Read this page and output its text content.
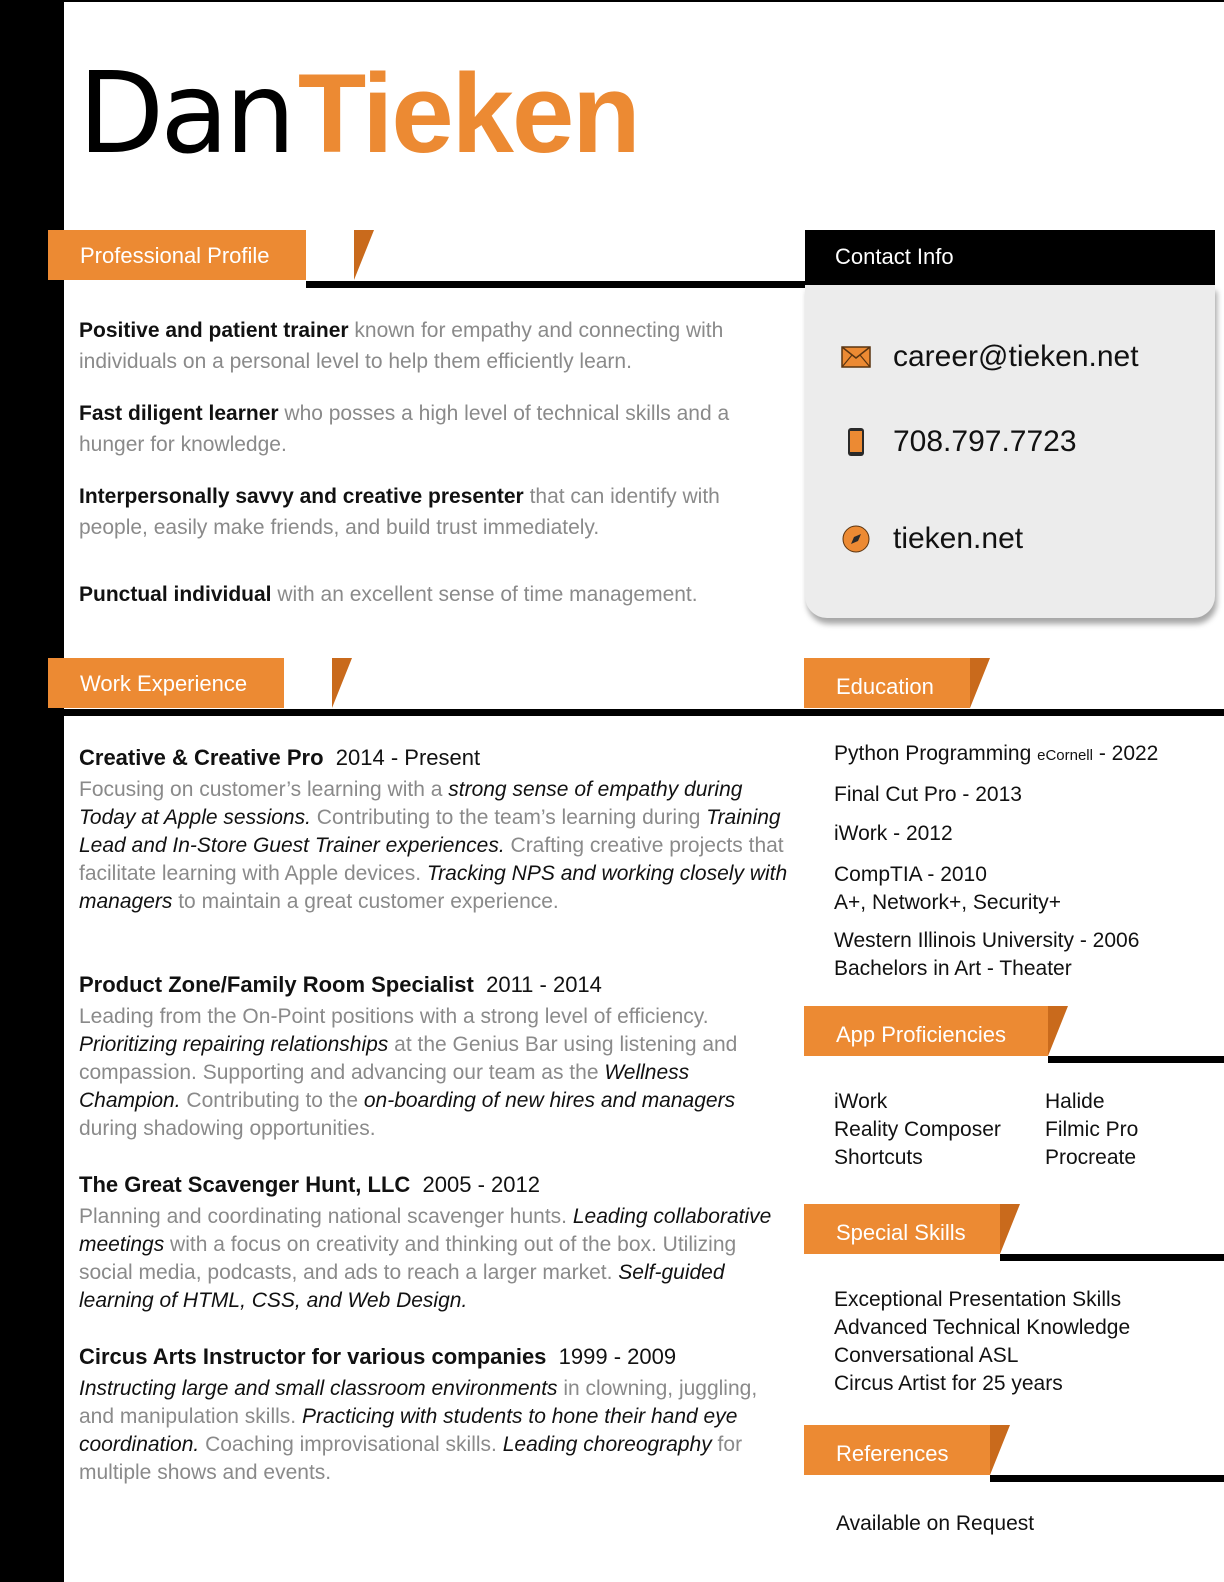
DanTieken
Professional Profile
Positive and patient trainer known for empathy and connecting with individuals on a personal level to help them efficiently learn.
Fast diligent learner who posses a high level of technical skills and a hunger for knowledge.
Interpersonally savvy and creative presenter that can identify with people, easily make friends, and build trust immediately.
Punctual individual with an excellent sense of time management.
Contact Info
career@tieken.net
708.797.7723
tieken.net
Work Experience
Creative & Creative Pro 2014 - Present
Focusing on customer’s learning with a strong sense of empathy during Today at Apple sessions. Contributing to the team’s learning during Training Lead and In-Store Guest Trainer experiences. Crafting creative projects that facilitate learning with Apple devices. Tracking NPS and working closely with managers to maintain a great customer experience.
Product Zone/Family Room Specialist 2011 - 2014
Leading from the On-Point positions with a strong level of efficiency. Prioritizing repairing relationships at the Genius Bar using listening and compassion. Supporting and advancing our team as the Wellness Champion. Contributing to the on-boarding of new hires and managers during shadowing opportunities.
The Great Scavenger Hunt, LLC 2005 - 2012
Planning and coordinating national scavenger hunts. Leading collaborative meetings with a focus on creativity and thinking out of the box. Utilizing social media, podcasts, and ads to reach a larger market. Self-guided learning of HTML, CSS, and Web Design.
Circus Arts Instructor for various companies 1999 - 2009
Instructing large and small classroom environments in clowning, juggling, and manipulation skills. Practicing with students to hone their hand eye coordination. Coaching improvisational skills. Leading choreography for multiple shows and events.
Education
Python Programming eCornell - 2022
Final Cut Pro - 2013
iWork - 2012
CompTIA - 2010
A+, Network+, Security+
Western Illinois University - 2006
Bachelors in Art - Theater
App Proficiencies
iWork
Reality Composer
Shortcuts
Halide
Filmic Pro
Procreate
Special Skills
Exceptional Presentation Skills
Advanced Technical Knowledge
Conversational ASL
Circus Artist for 25 years
References
Available on Request
